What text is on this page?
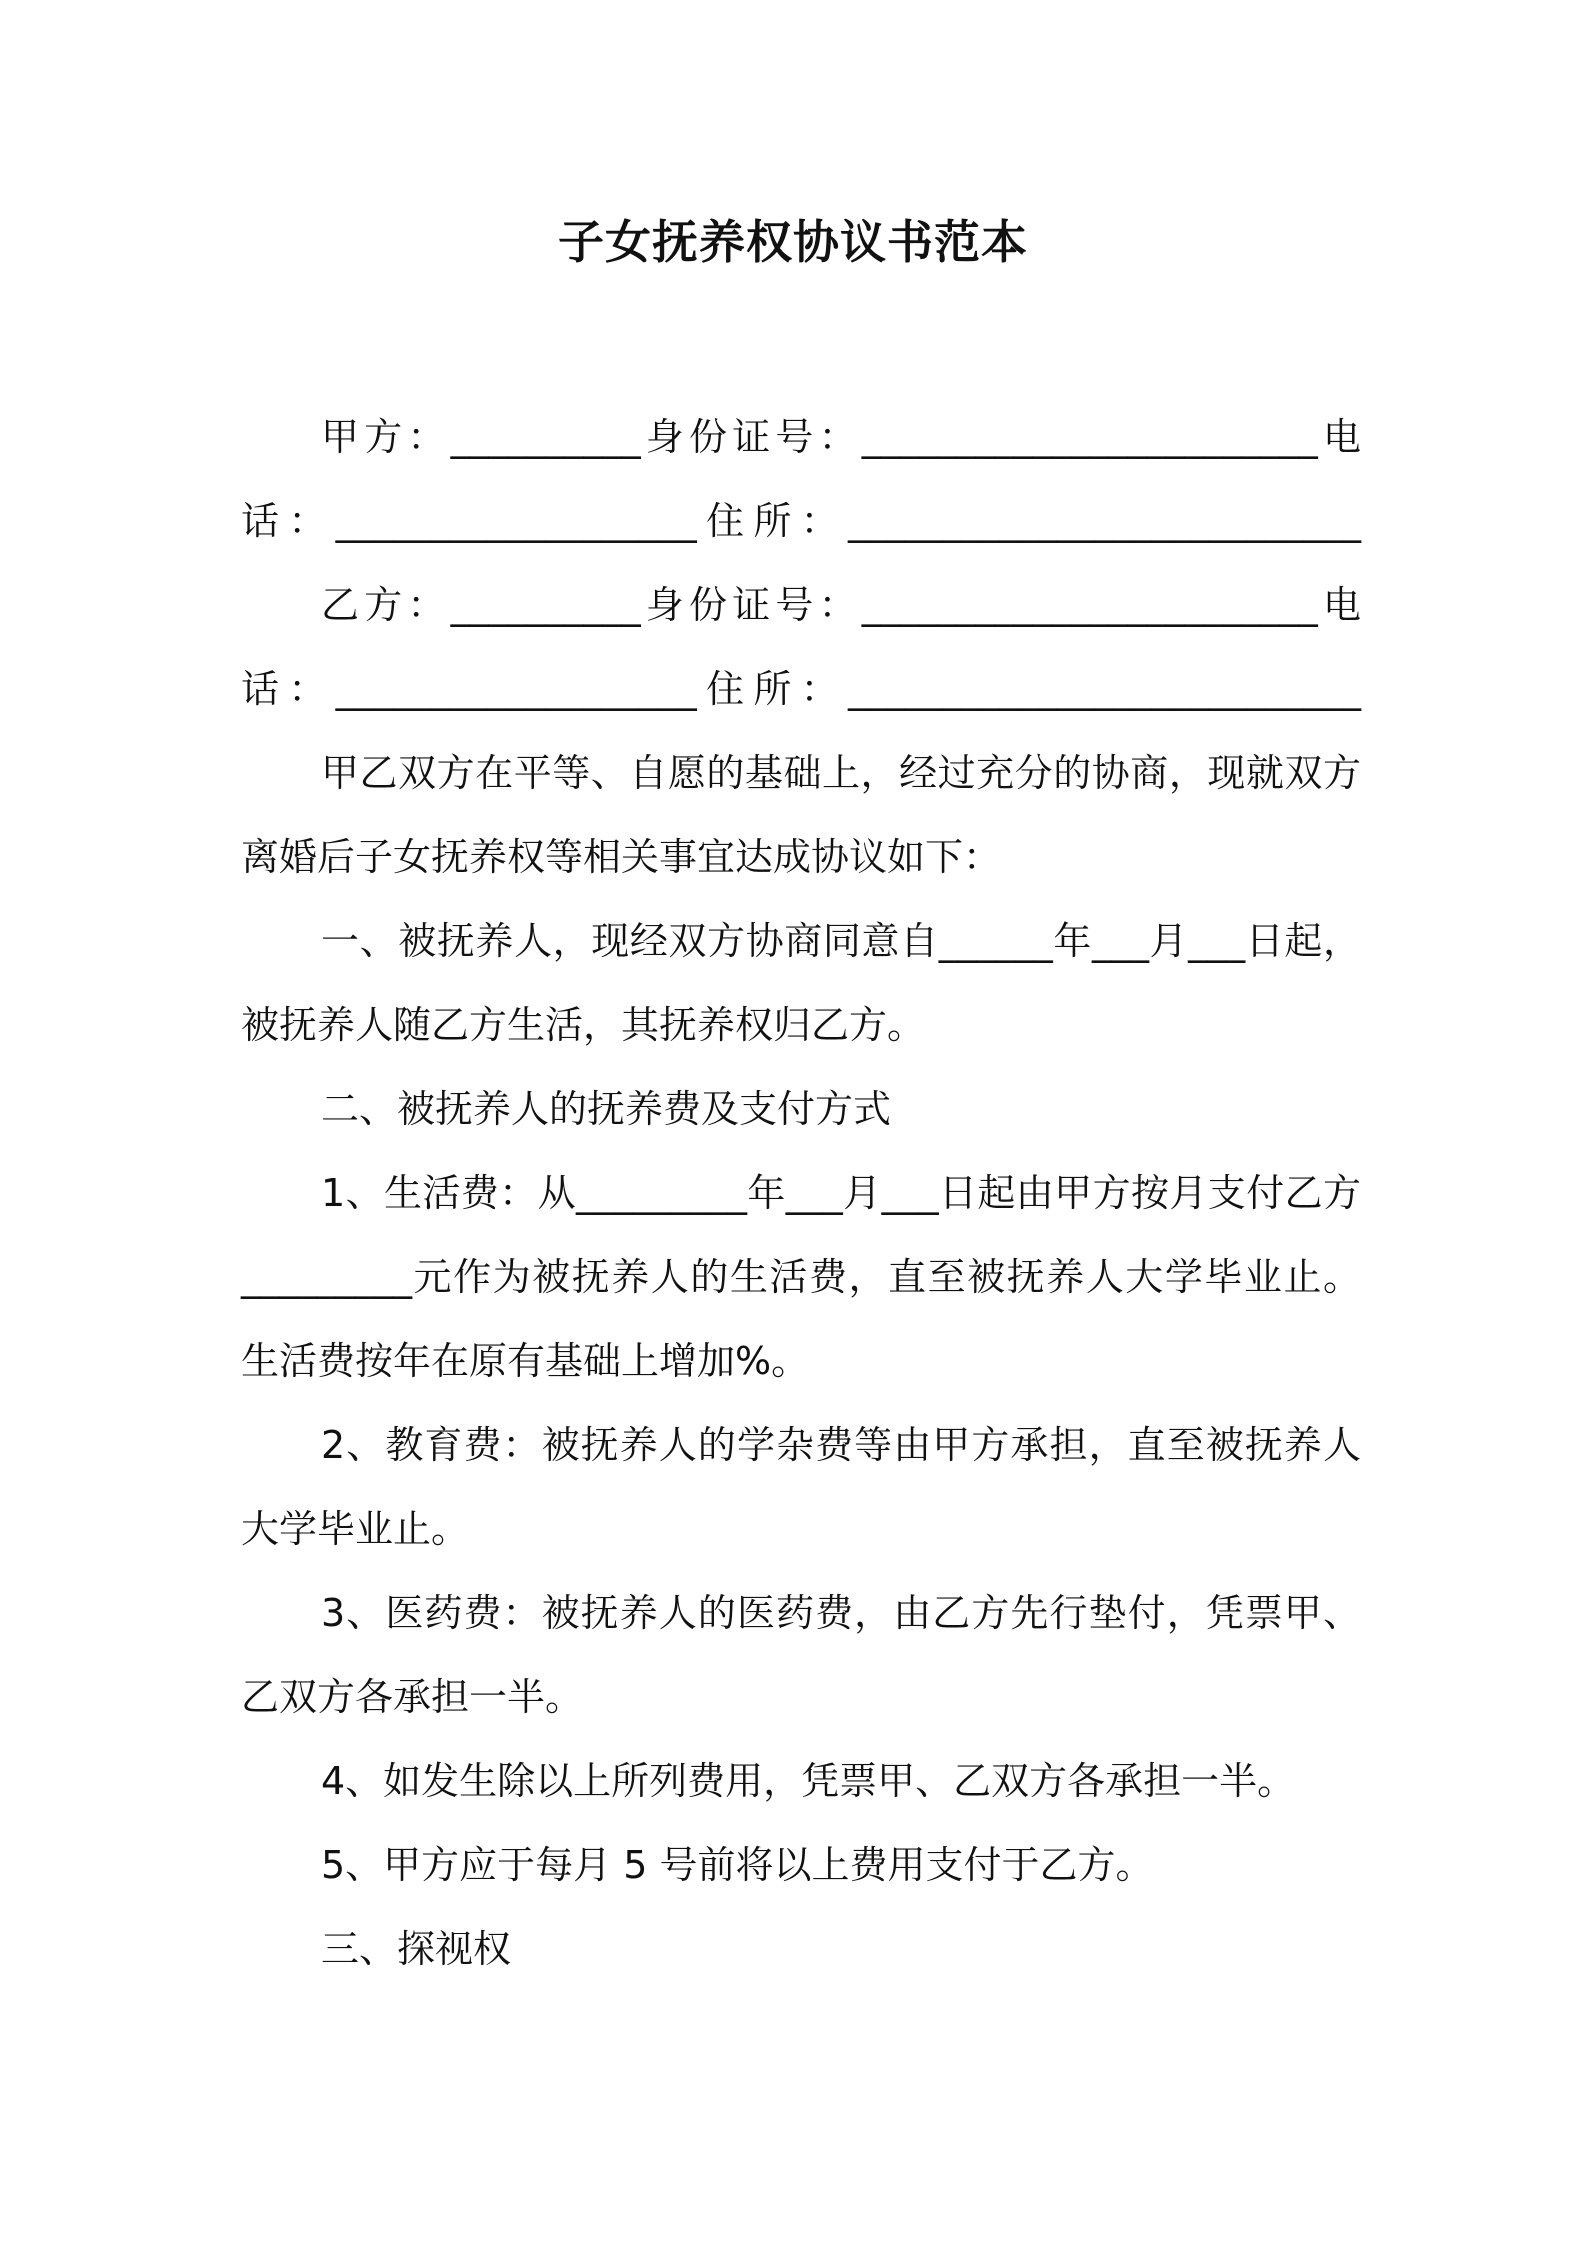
子女抚养权协议书范本

甲方：__________身份证号：________________________电话：___________________住所：___________________________

乙方：__________身份证号：________________________电话：___________________住所：___________________________

甲乙双方在平等、自愿的基础上，经过充分的协商，现就双方离婚后子女抚养权等相关事宜达成协议如下：

一、被抚养人，现经双方协商同意自______年___月___日起，被抚养人随乙方生活，其抚养权归乙方。

二、被抚养人的抚养费及支付方式

1、生活费：从_________年___月___日起由甲方按月支付乙方_________元作为被抚养人的生活费，直至被抚养人大学毕业止。生活费按年在原有基础上增加%。

2、教育费：被抚养人的学杂费等由甲方承担，直至被抚养人大学毕业止。

3、医药费：被抚养人的医药费，由乙方先行垫付，凭票甲、乙双方各承担一半。

4、如发生除以上所列费用，凭票甲、乙双方各承担一半。

5、甲方应于每月 5 号前将以上费用支付于乙方。

三、探视权
